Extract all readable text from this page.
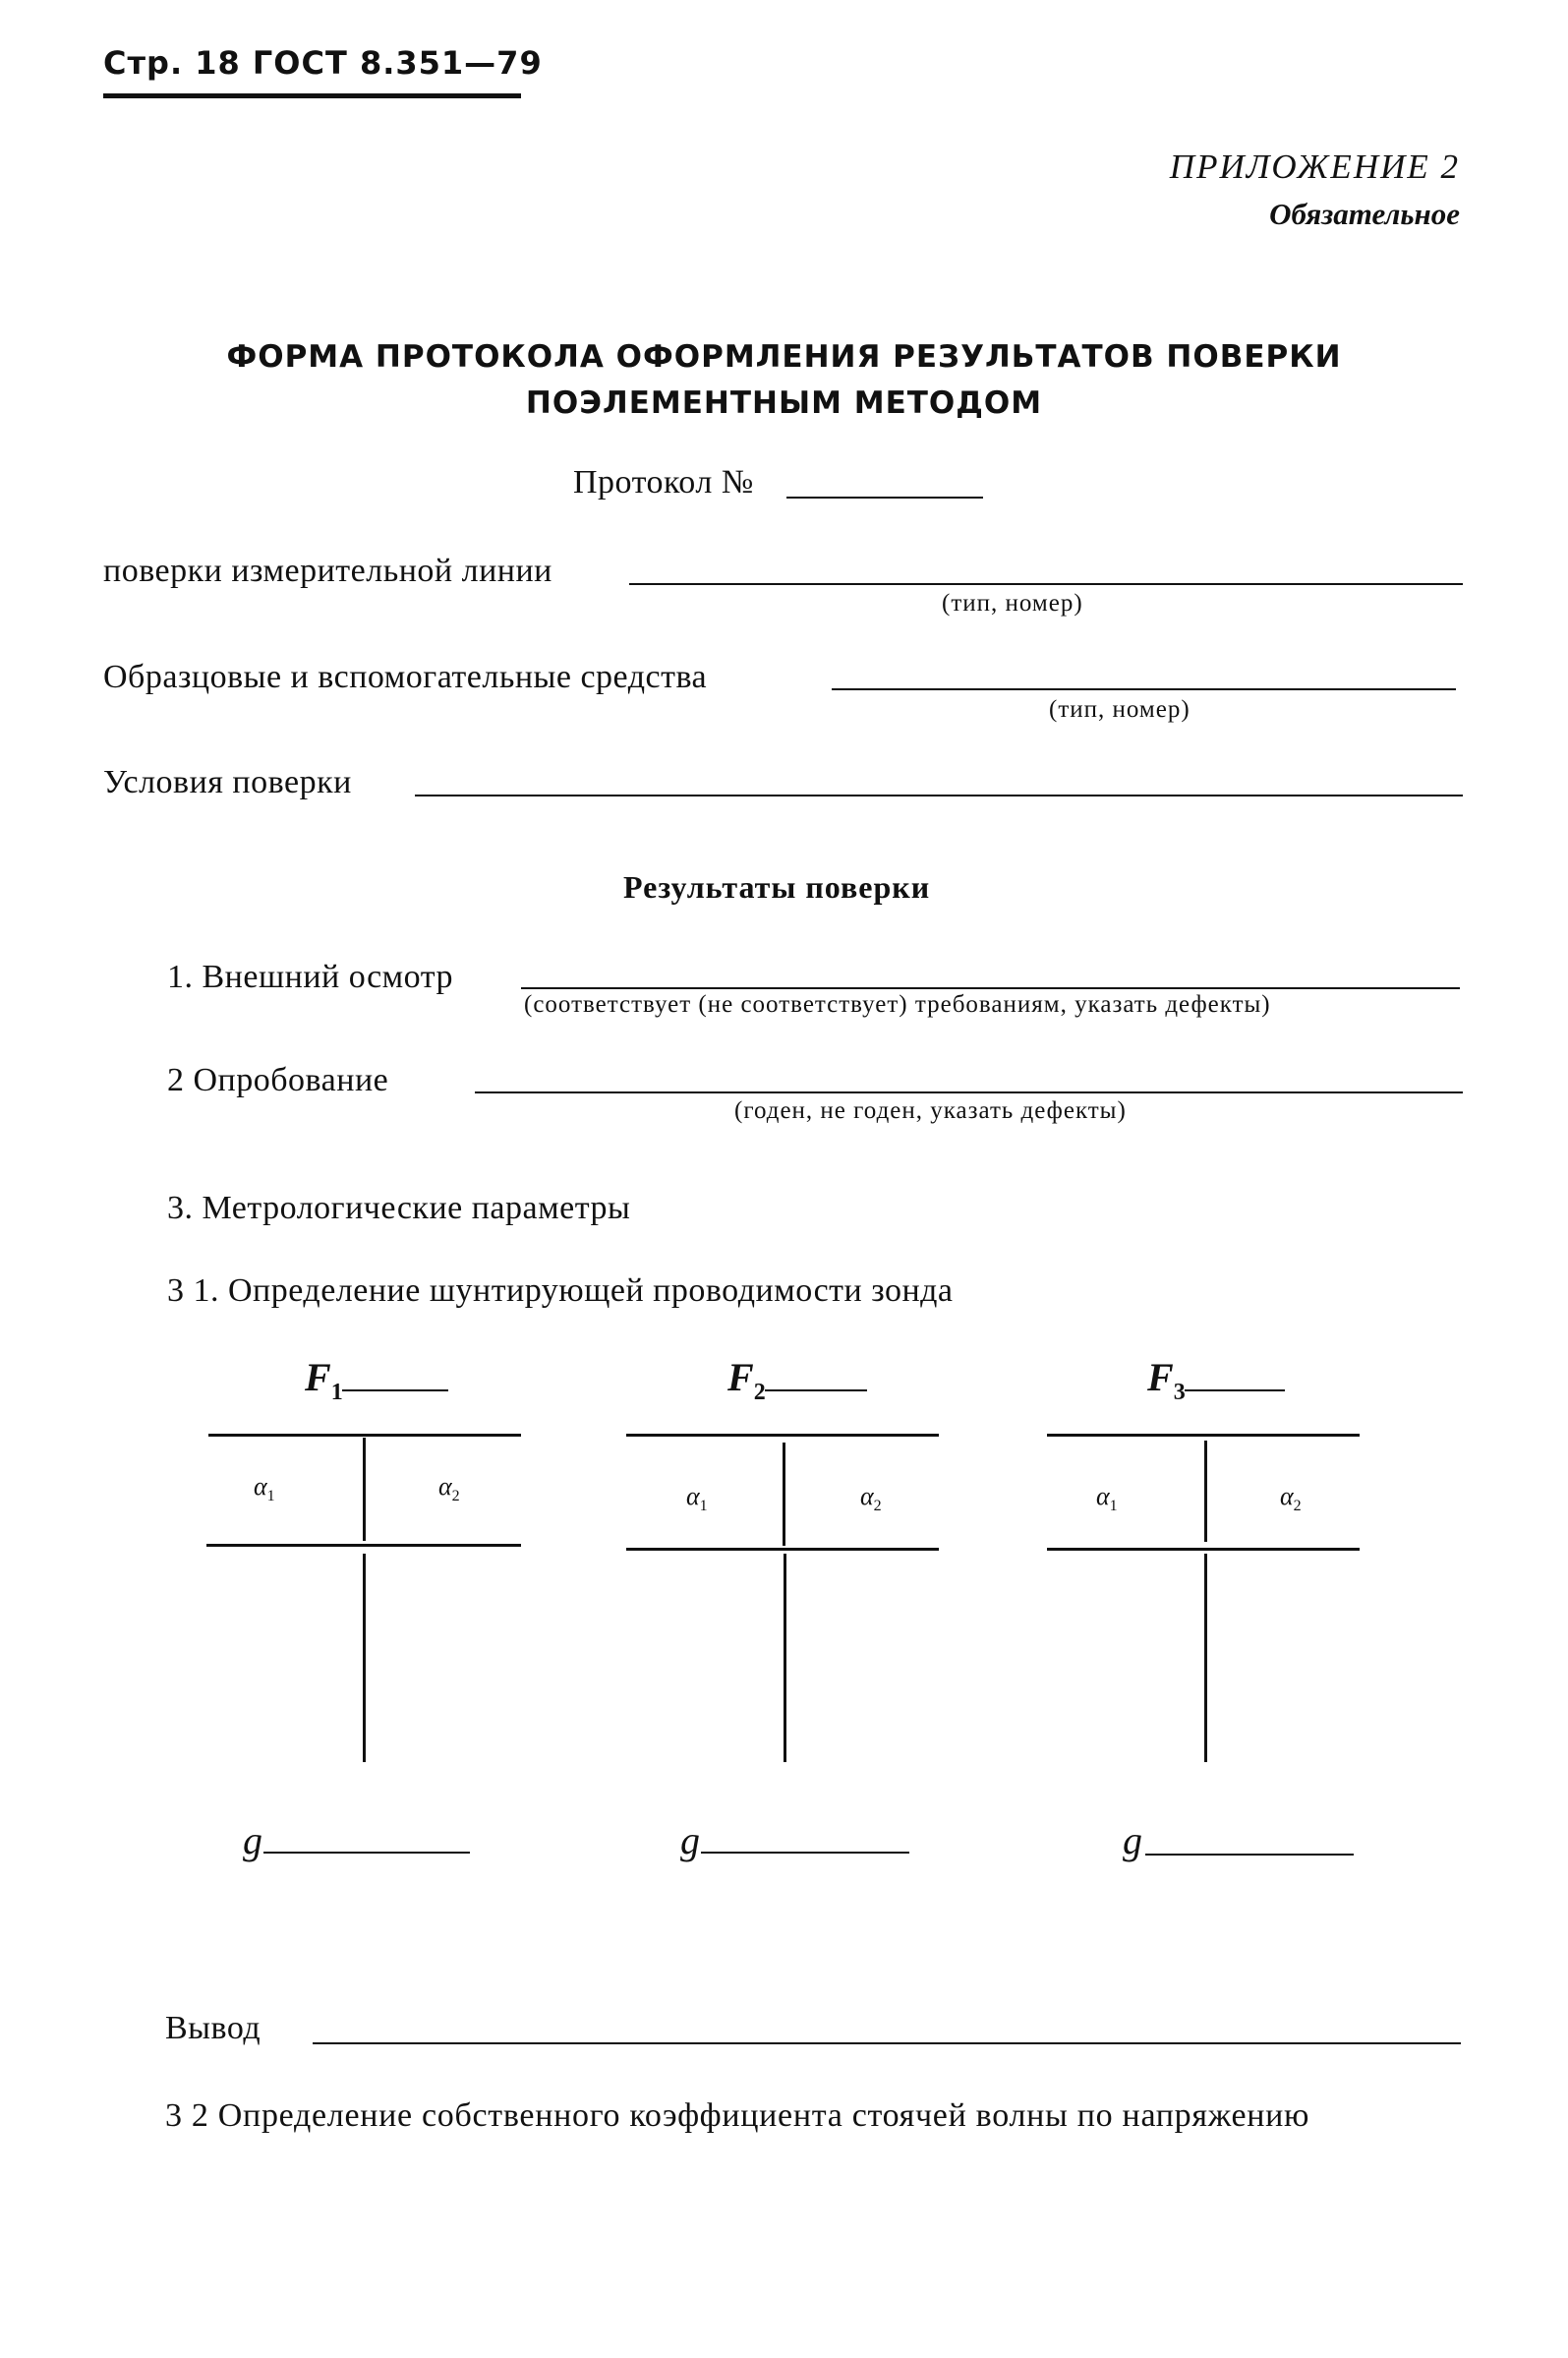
Стр. 18 ГОСТ 8.351—79
ПРИЛОЖЕНИЕ 2
Обязательное
ФОРМА ПРОТОКОЛА ОФОРМЛЕНИЯ РЕЗУЛЬТАТОВ ПОВЕРКИ
ПОЭЛЕМЕНТНЫМ МЕТОДОМ
Протокол №
поверки измерительной линии
(тип, номер)
Образцовые и вспомогательные средства
(тип, номер)
Условия поверки
Результаты поверки
1. Внешний осмотр
(соответствует (не соответствует) требованиям, указать дефекты)
2 Опробование
(годен, не годен, указать дефекты)
3. Метрологические параметры
3 1. Определение шунтирующей проводимости зонда
$F_1$
$\alpha_1$	$\alpha_2$
g
$F_2$
$\alpha_1$	$\alpha_2$
g
$F_3$
$\alpha_1$	$\alpha_2$
g
Вывод
3 2 Определение собственного коэффициента стоячей волны по напряжению
